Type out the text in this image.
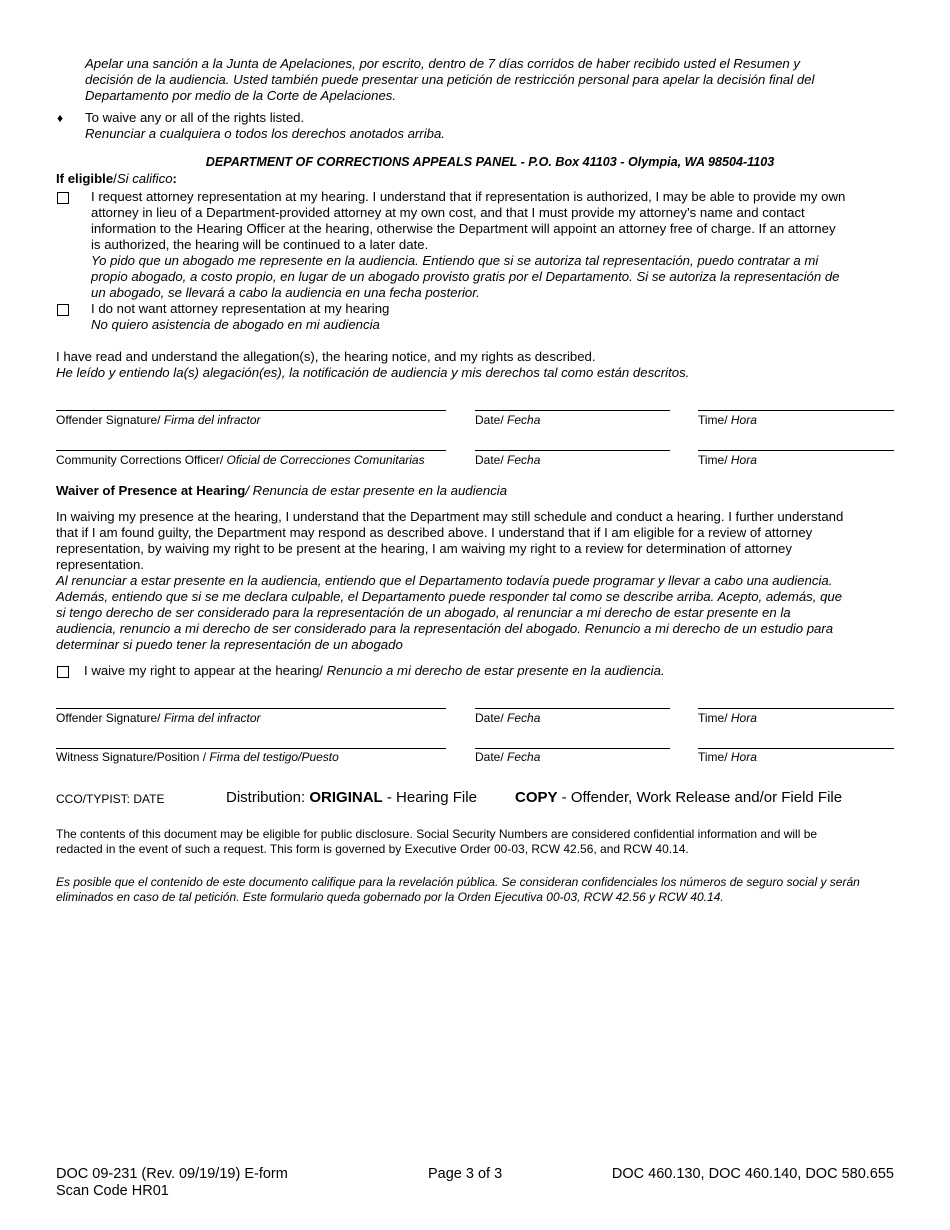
Apelar una sanción a la Junta de Apelaciones, por escrito, dentro de 7 días corridos de haber recibido usted el Resumen y
decisión de la audiencia. Usted también puede presentar una petición de restricción personal para apelar la decisión final del
Departamento por medio de la Corte de Apelaciones.
♦ To waive any or all of the rights listed.
Renunciar a cualquiera o todos los derechos anotados arriba.
DEPARTMENT OF CORRECTIONS APPEALS PANEL - P.O. Box 41103 - Olympia, WA 98504-1103
If eligible/Si califico:
I request attorney representation at my hearing. I understand that if representation is authorized, I may be able to provide my own
attorney in lieu of a Department-provided attorney at my own cost, and that I must provide my attorney’s name and contact
information to the Hearing Officer at the hearing, otherwise the Department will appoint an attorney free of charge. If an attorney
is authorized, the hearing will be continued to a later date.
Yo pido que un abogado me represente en la audiencia. Entiendo que si se autoriza tal representación, puedo contratar a mi
propio abogado, a costo propio, en lugar de un abogado provisto gratis por el Departamento. Si se autoriza la representación de
un abogado, se llevará a cabo la audiencia en una fecha posterior.
I do not want attorney representation at my hearing
No quiero asistencia de abogado en mi audiencia
I have read and understand the allegation(s), the hearing notice, and my rights as described.
He leído y entiendo la(s) alegación(es), la notificación de audiencia y mis derechos tal como están descritos.
Offender Signature/ Firma del infractor	Date/ Fecha	Time/ Hora
Community Corrections Officer/ Oficial de Correcciones Comunitarias	Date/ Fecha	Time/ Hora
Waiver of Presence at Hearing/ Renuncia de estar presente en la audiencia
In waiving my presence at the hearing, I understand that the Department may still schedule and conduct a hearing. I further understand
that if I am found guilty, the Department may respond as described above. I understand that if I am eligible for a review of attorney
representation, by waiving my right to be present at the hearing, I am waiving my right to a review for determination of attorney
representation.
Al renunciar a estar presente en la audiencia, entiendo que el Departamento todavía puede programar y llevar a cabo una audiencia.
Además, entiendo que si se me declara culpable, el Departamento puede responder tal como se describe arriba. Acepto, además, que
si tengo derecho de ser considerado para la representación de un abogado, al renunciar a mi derecho de estar presente en la
audiencia, renuncio a mi derecho de ser considerado para la representación del abogado. Renuncio a mi derecho de un estudio para
determinar si puedo tener la representación de un abogado
I waive my right to appear at the hearing/ Renuncio a mi derecho de estar presente en la audiencia.
Offender Signature/ Firma del infractor	Date/ Fecha	Time/ Hora
Witness Signature/Position / Firma del testigo/Puesto	Date/ Fecha	Time/ Hora
CCO/TYPIST: DATE	Distribution: ORIGINAL - Hearing File	COPY - Offender, Work Release and/or Field File
The contents of this document may be eligible for public disclosure. Social Security Numbers are considered confidential information and will be
redacted in the event of such a request. This form is governed by Executive Order 00-03, RCW 42.56, and RCW 40.14.
Es posible que el contenido de este documento califique para la revelación pública. Se consideran confidenciales los números de seguro social y serán
eliminados en caso de tal petición. Este formulario queda gobernado por la Orden Ejecutiva 00-03, RCW 42.56 y RCW 40.14.
DOC 09-231 (Rev. 09/19/19) E-form
Scan Code HR01
Page 3 of 3	DOC 460.130, DOC 460.140, DOC 580.655
